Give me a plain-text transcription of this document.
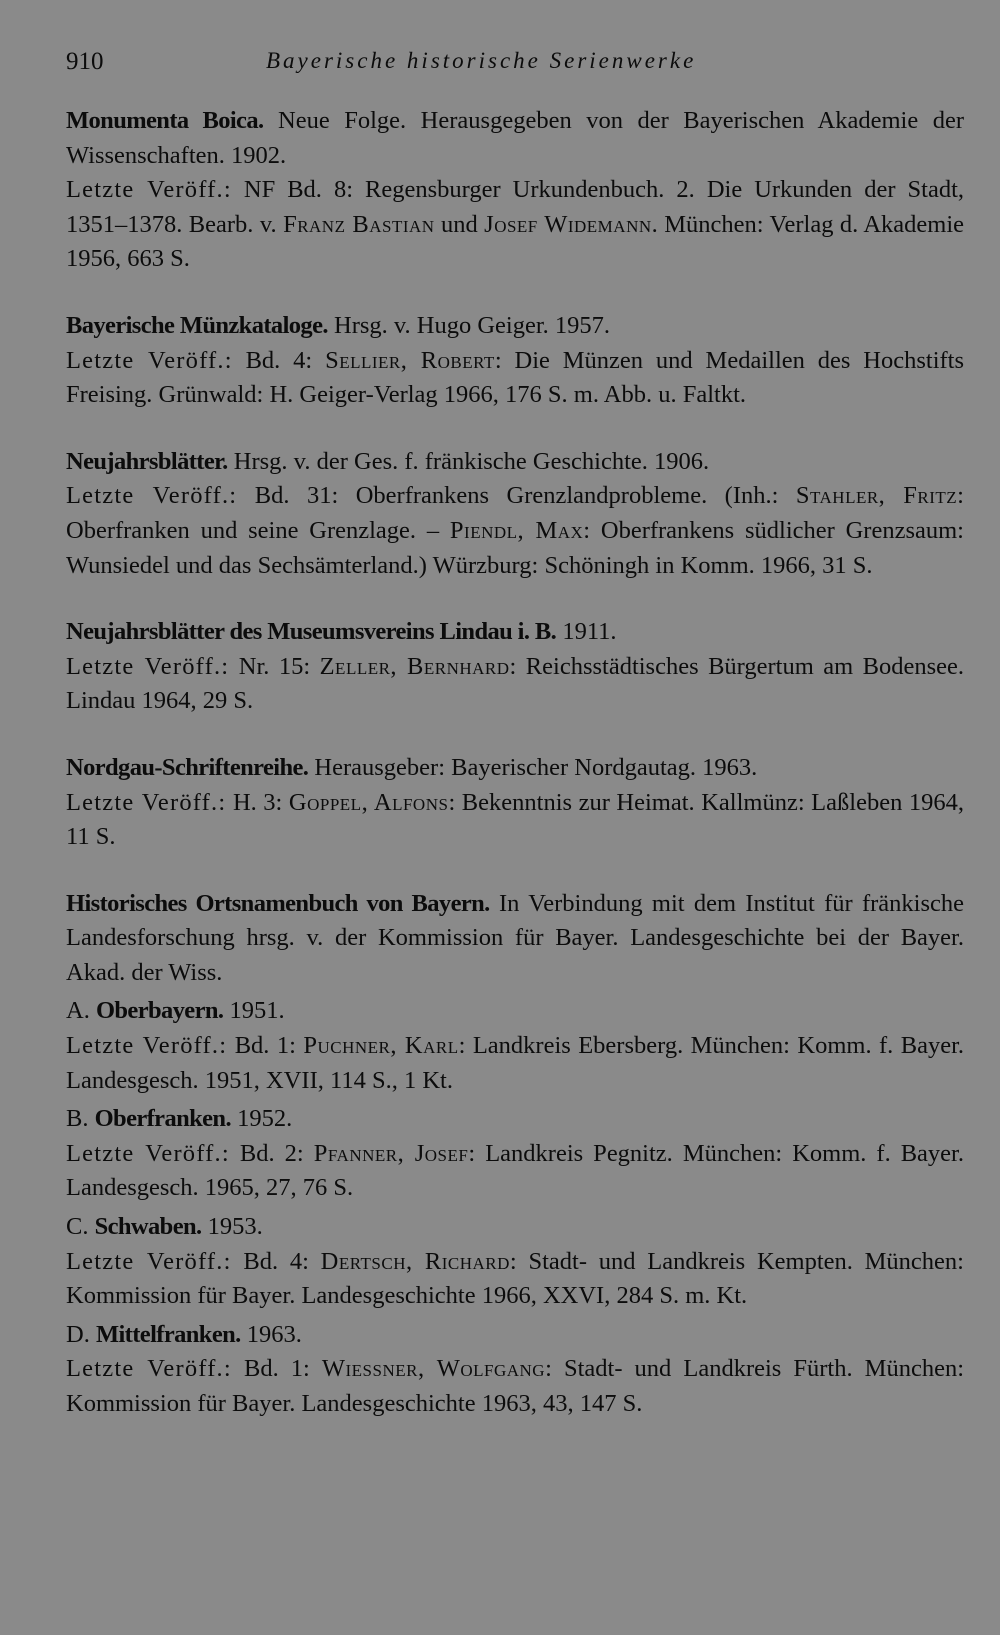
910	Bayerische historische Serienwerke

Monumenta Boica. Neue Folge. Herausgegeben von der Bayerischen Akademie der Wissenschaften. 1902.

Letzte Veröff.: NF Bd. 8: Regensburger Urkundenbuch. 2. Die Urkunden der Stadt, 1351–1378. Bearb. v. Franz Bastian und Josef Widemann. München: Verlag d. Akademie 1956, 663 S.

Bayerische Münzkataloge. Hrsg. v. Hugo Geiger. 1957.

Letzte Veröff.: Bd. 4: Sellier, Robert: Die Münzen und Medaillen des Hochstifts Freising. Grünwald: H. Geiger-Verlag 1966, 176 S. m. Abb. u. Faltkt.

Neujahrsblätter. Hrsg. v. der Ges. f. fränkische Geschichte. 1906.

Letzte Veröff.: Bd. 31: Oberfrankens Grenzlandprobleme. (Inh.: Stahler, Fritz: Oberfranken und seine Grenzlage. – Piendl, Max: Oberfrankens südlicher Grenzsaum: Wunsiedel und das Sechsämterland.) Würzburg: Schöningh in Komm. 1966, 31 S.

Neujahrsblätter des Museumsvereins Lindau i. B. 1911.

Letzte Veröff.: Nr. 15: Zeller, Bernhard: Reichsstädtisches Bürgertum am Bodensee. Lindau 1964, 29 S.

Nordgau-Schriftenreihe. Herausgeber: Bayerischer Nordgautag. 1963.

Letzte Veröff.: H. 3: Goppel, Alfons: Bekenntnis zur Heimat. Kallmünz: Laßleben 1964, 11 S.

Historisches Ortsnamenbuch von Bayern. In Verbindung mit dem Institut für fränkische Landesforschung hrsg. v. der Kommission für Bayer. Landesgeschichte bei der Bayer. Akad. der Wiss.

A. Oberbayern. 1951.

Letzte Veröff.: Bd. 1: Puchner, Karl: Landkreis Ebersberg. München: Komm. f. Bayer. Landesgesch. 1951, XVII, 114 S., 1 Kt.

B. Oberfranken. 1952.

Letzte Veröff.: Bd. 2: Pfanner, Josef: Landkreis Pegnitz. München: Komm. f. Bayer. Landesgesch. 1965, 27, 76 S.

C. Schwaben. 1953.

Letzte Veröff.: Bd. 4: Dertsch, Richard: Stadt- und Landkreis Kempten. München: Kommission für Bayer. Landesgeschichte 1966, XXVI, 284 S. m. Kt.

D. Mittelfranken. 1963.

Letzte Veröff.: Bd. 1: Wiessner, Wolfgang: Stadt- und Landkreis Fürth. München: Kommission für Bayer. Landesgeschichte 1963, 43, 147 S.
